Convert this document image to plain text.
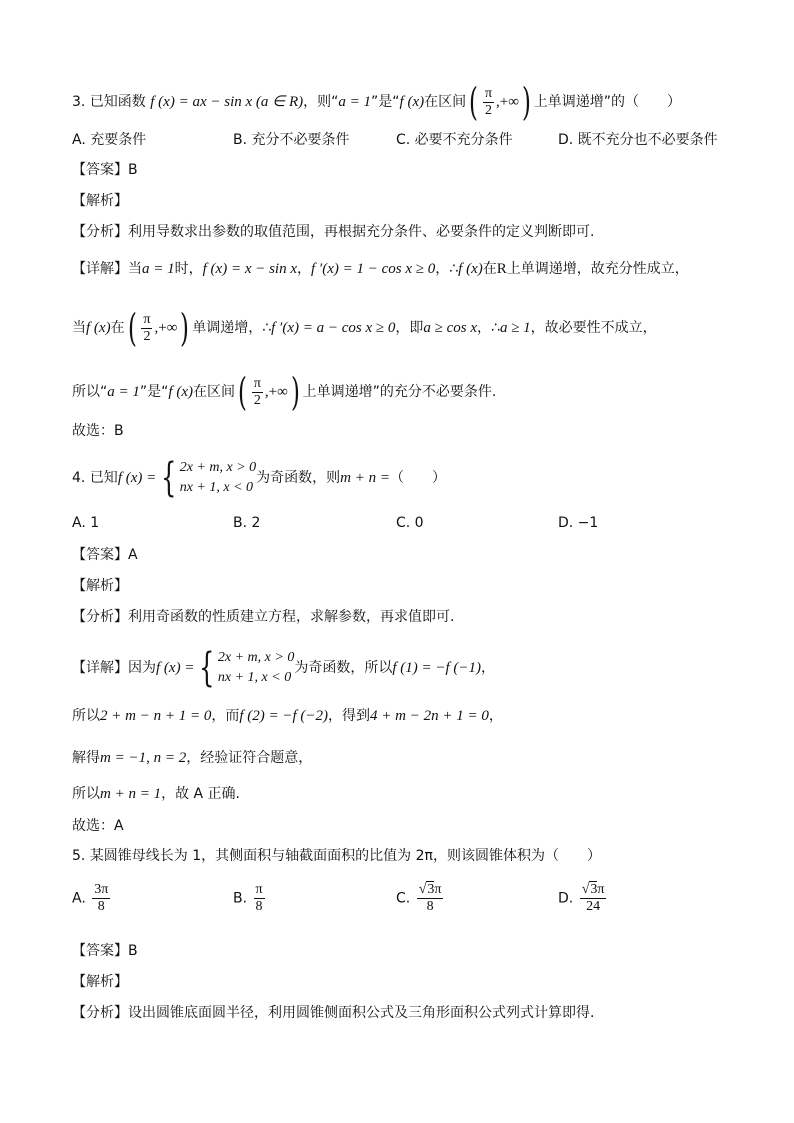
3. 已知函数 f (x) = ax − sin x (a ∈ R)，则“a = 1”是“f (x)在区间( $\frac{\pi}{2}$ ,+∞) 上单调递增”的（　　）
A. 充要条件	B. 充分不必要条件	C. 必要不充分条件	D. 既不充分也不必要条件
【答案】B
【解析】
【分析】利用导数求出参数的取值范围，再根据充分条件、必要条件的定义判断即可.
【详解】当a = 1时，f (x) = x − sin x，f ′(x) = 1 − cos x ≥ 0，∴f (x)在R上单调递增，故充分性成立，
当f (x)在( $\frac{\pi}{2}$ ,+∞) 单调递增，∴f ′(x) = a − cos x ≥ 0，即a ≥ cos x，∴a ≥ 1，故必要性不成立，
所以“a = 1”是“f (x)在区间( $\frac{\pi}{2}$ ,+∞) 上单调递增”的充分不必要条件.
故选：B
4. 已知f (x) = { 2x + m, x > 0
nx + 1, x < 0
为奇函数，则m + n =（　　）
A. 1	B. 2	C. 0	D. −1
【答案】A
【解析】
【分析】利用奇函数的性质建立方程，求解参数，再求值即可.
【详解】因为f (x) = { 2x + m, x > 0
nx + 1, x < 0
为奇函数，所以f (1) = −f (−1)，
所以2 + m − n + 1 = 0，而f (2) = −f (−2)，得到4 + m − 2n + 1 = 0，
解得m = −1, n = 2，经验证符合题意，
所以m + n = 1，故 A 正确.
故选：A
5. 某圆锥母线长为 1，其侧面积与轴截面面积的比值为 2π，则该圆锥体积为（　　）
A. $\frac{3\pi}{8}$	B. $\frac{\pi}{8}$	C. $\frac{√3\pi}{8}$	D. $\frac{√3\pi}{24}$
【答案】B
【解析】
【分析】设出圆锥底面圆半径，利用圆锥侧面积公式及三角形面积公式列式计算即得.
